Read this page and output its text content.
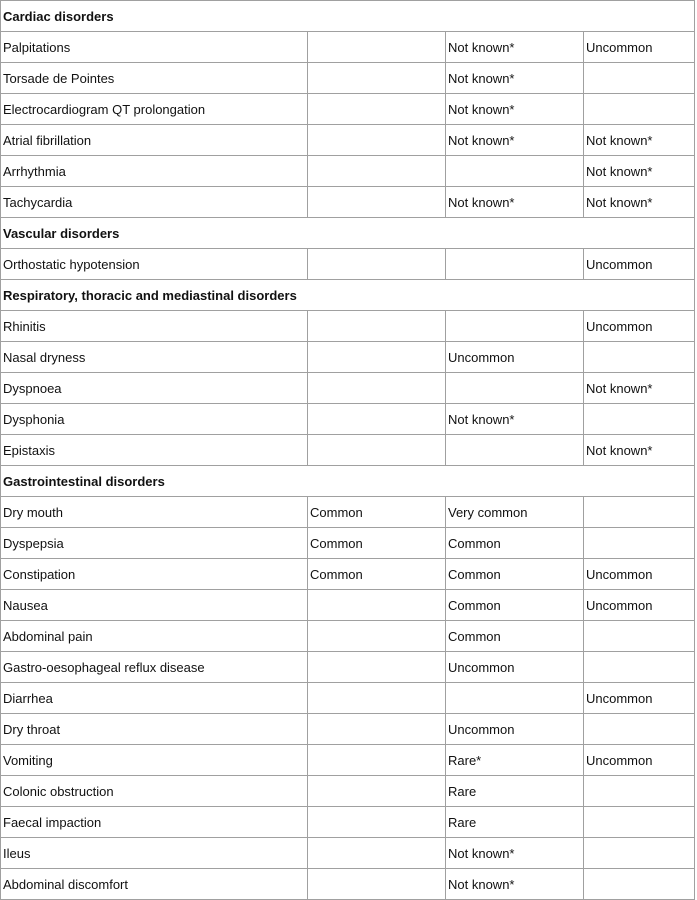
Cardiac disorders			
Palpitations		Not known*	Uncommon
Torsade de Pointes		Not known*	
Electrocardiogram QT prolongation		Not known*	
Atrial fibrillation		Not known*	Not known*
Arrhythmia			Not known*
Tachycardia		Not known*	Not known*
Vascular disorders			
Orthostatic hypotension			Uncommon
Respiratory, thoracic and mediastinal disorders			
Rhinitis			Uncommon
Nasal dryness		Uncommon	
Dyspnoea			Not known*
Dysphonia		Not known*	
Epistaxis			Not known*
Gastrointestinal disorders			
Dry mouth	Common	Very common	
Dyspepsia	Common	Common	
Constipation	Common	Common	Uncommon
Nausea		Common	Uncommon
Abdominal pain		Common	
Gastro-oesophageal reflux disease		Uncommon	
Diarrhea			Uncommon
Dry throat		Uncommon	
Vomiting		Rare*	Uncommon
Colonic obstruction		Rare	
Faecal impaction		Rare	
Ileus		Not known*	
Abdominal discomfort		Not known*	
